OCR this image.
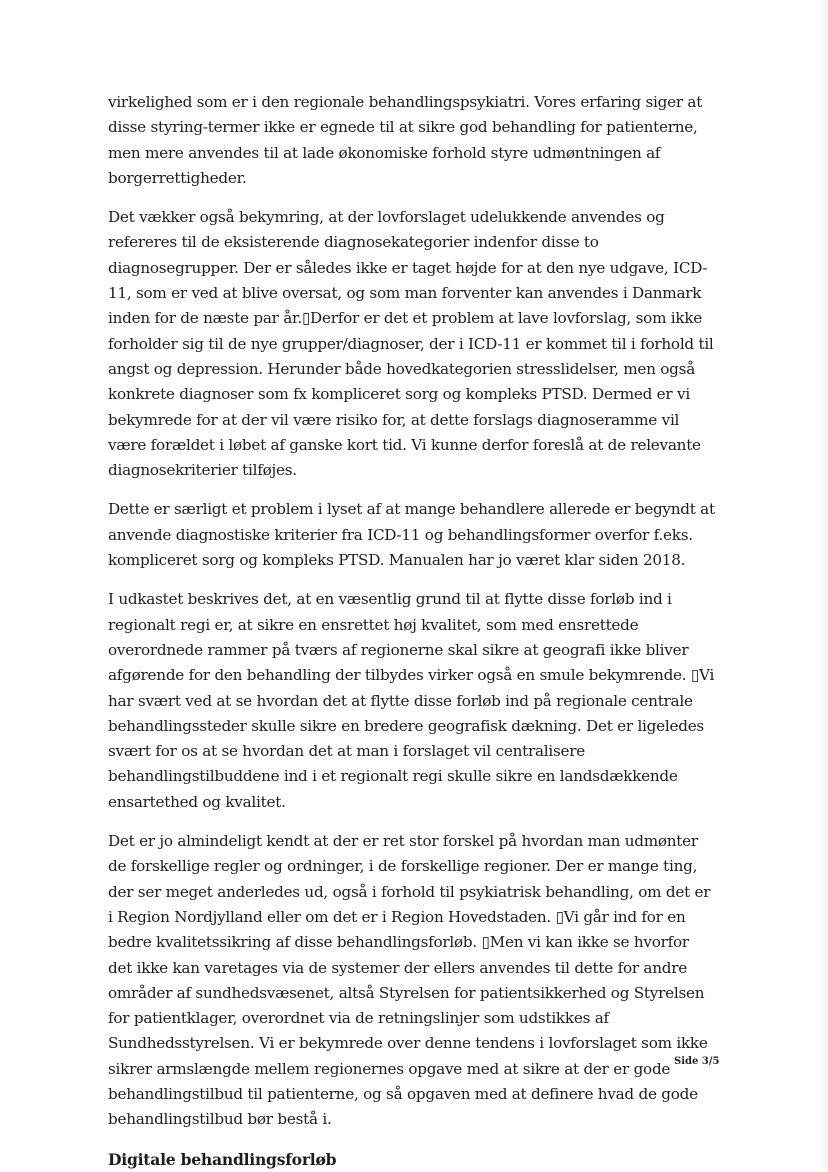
virkelighed som er i den regionale behandlingspsykiatri. Vores erfaring siger at disse styring-termer ikke er egnede til at sikre god behandling for patienterne, men mere anvendes til at lade økonomiske forhold styre udmøntningen af borgerrettigheder.

Det vækker også bekymring, at der lovforslaget udelukkende anvendes og refereres til de eksisterende diagnosekategorier indenfor disse to diagnosegrupper. Der er således ikke er taget højde for at den nye udgave, ICD-11, som er ved at blive oversat, og som man forventer kan anvendes i Danmark inden for de næste par år.▯Derfor er det et problem at lave lovforslag, som ikke forholder sig til de nye grupper/diagnoser, der i ICD-11 er kommet til i forhold til angst og depression. Herunder både hovedkategorien stresslidelser, men også konkrete diagnoser som fx kompliceret sorg og kompleks PTSD. Dermed er vi bekymrede for at der vil være risiko for, at dette forslags diagnoseramme vil være forældet i løbet af ganske kort tid. Vi kunne derfor foreslå at de relevante diagnosekriterier tilføjes.

Dette er særligt et problem i lyset af at mange behandlere allerede er begyndt at anvende diagnostiske kriterier fra ICD-11 og behandlingsformer overfor f.eks. kompliceret sorg og kompleks PTSD. Manualen har jo været klar siden 2018.

I udkastet beskrives det, at en væsentlig grund til at flytte disse forløb ind i regionalt regi er, at sikre en ensrettet høj kvalitet, som med ensrettede overordnede rammer på tværs af regionerne skal sikre at geografi ikke bliver afgørende for den behandling der tilbydes virker også en smule bekymrende. ▯Vi har svært ved at se hvordan det at flytte disse forløb ind på regionale centrale behandlingssteder skulle sikre en bredere geografisk dækning. Det er ligeledes svært for os at se hvordan det at man i forslaget vil centralisere behandlingstilbuddene ind i et regionalt regi skulle sikre en landsdækkende ensartethed og kvalitet.

Det er jo almindeligt kendt at der er ret stor forskel på hvordan man udmønter de forskellige regler og ordninger, i de forskellige regioner. Der er mange ting, der ser meget anderledes ud, også i forhold til psykiatrisk behandling, om det er i Region Nordjylland eller om det er i Region Hovedstaden. ▯Vi går ind for en bedre kvalitetssikring af disse behandlingsforløb. ▯Men vi kan ikke se hvorfor det ikke kan varetages via de systemer der ellers anvendes til dette for andre områder af sundhedsvæsenet, altså Styrelsen for patientsikkerhed og Styrelsen for patientklager, overordnet via de retningslinjer som udstikkes af Sundhedsstyrelsen. Vi er bekymrede over denne tendens i lovforslaget som ikke sikrer armslængde mellem regionernes opgave med at sikre at der er gode behandlingstilbud til patienterne, og så opgaven med at definere hvad de gode behandlingstilbud bør bestå i.

Digitale behandlingsforløb
Side 3/5
